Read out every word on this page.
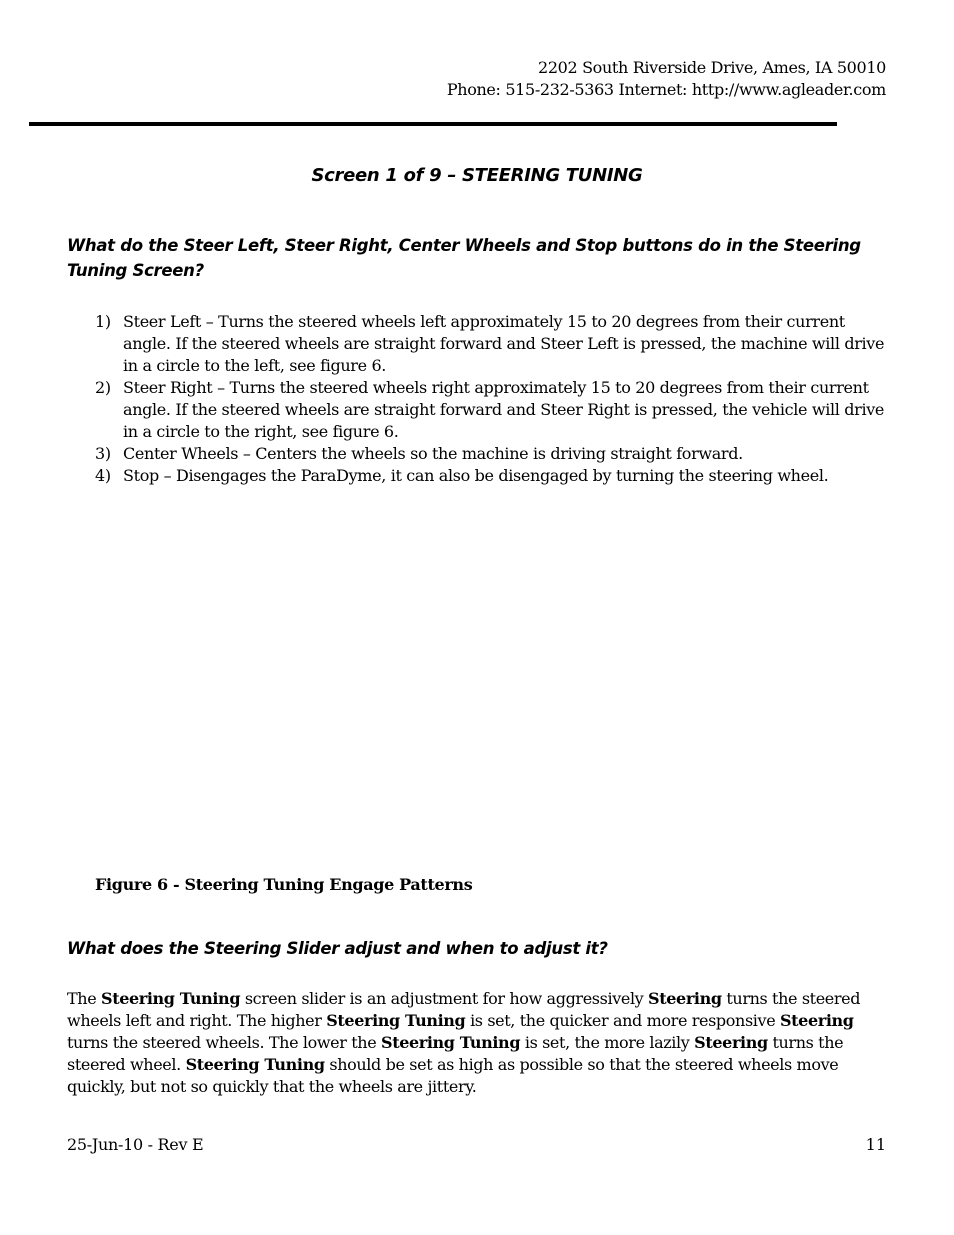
2202 South Riverside Drive, Ames, IA 50010
Phone: 515-232-5363 Internet: http://www.agleader.com
Screen 1 of 9 – STEERING TUNING
What do the Steer Left, Steer Right, Center Wheels and Stop buttons do in the Steering Tuning Screen?
1) Steer Left – Turns the steered wheels left approximately 15 to 20 degrees from their current angle. If the steered wheels are straight forward and Steer Left is pressed, the machine will drive in a circle to the left, see figure 6.
2) Steer Right – Turns the steered wheels right approximately 15 to 20 degrees from their current angle. If the steered wheels are straight forward and Steer Right is pressed, the vehicle will drive in a circle to the right, see figure 6.
3) Center Wheels – Centers the wheels so the machine is driving straight forward.
4) Stop – Disengages the ParaDyme, it can also be disengaged by turning the steering wheel.
Figure 6 - Steering Tuning Engage Patterns
What does the Steering Slider adjust and when to adjust it?

The Steering Tuning screen slider is an adjustment for how aggressively Steering turns the steered wheels left and right. The higher Steering Tuning is set, the quicker and more responsive Steering turns the steered wheels. The lower the Steering Tuning is set, the more lazily Steering turns the steered wheel. Steering Tuning should be set as high as possible so that the steered wheels move quickly, but not so quickly that the wheels are jittery.

25-Jun-10 - Rev E	11
